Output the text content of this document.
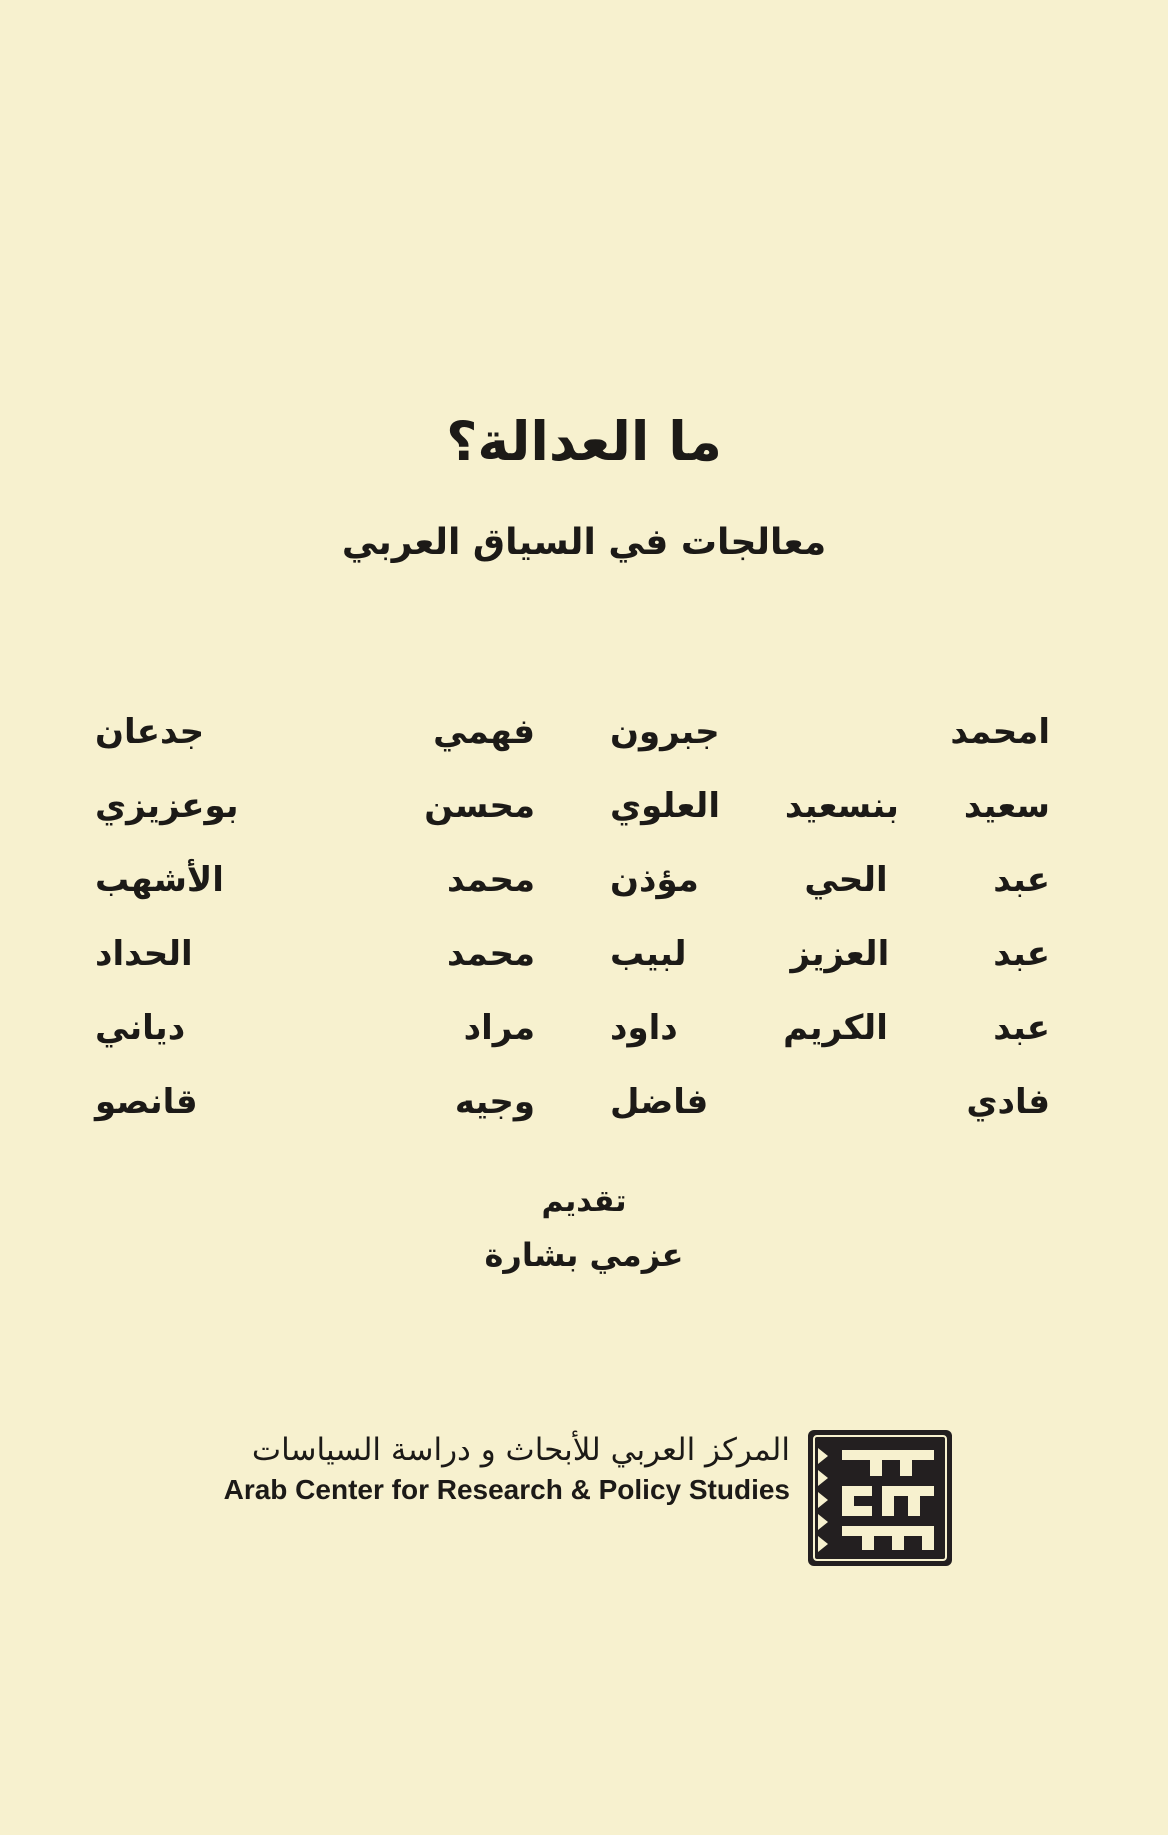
ما العدالة؟
معالجات في السياق العربي
امحمد جبرون
فهمي جدعان
سعيد بنسعيد العلوي
محسن بوعزيزي
عبد الحي مؤذن
محمد الأشهب
عبد العزيز لبيب
محمد الحداد
عبد الكريم داود
مراد دياني
فادي فاضل
وجيه قانصو
تقديم
عزمي بشارة
المركز العربي للأبحاث و دراسة السياسات
Arab Center for Research & Policy Studies
